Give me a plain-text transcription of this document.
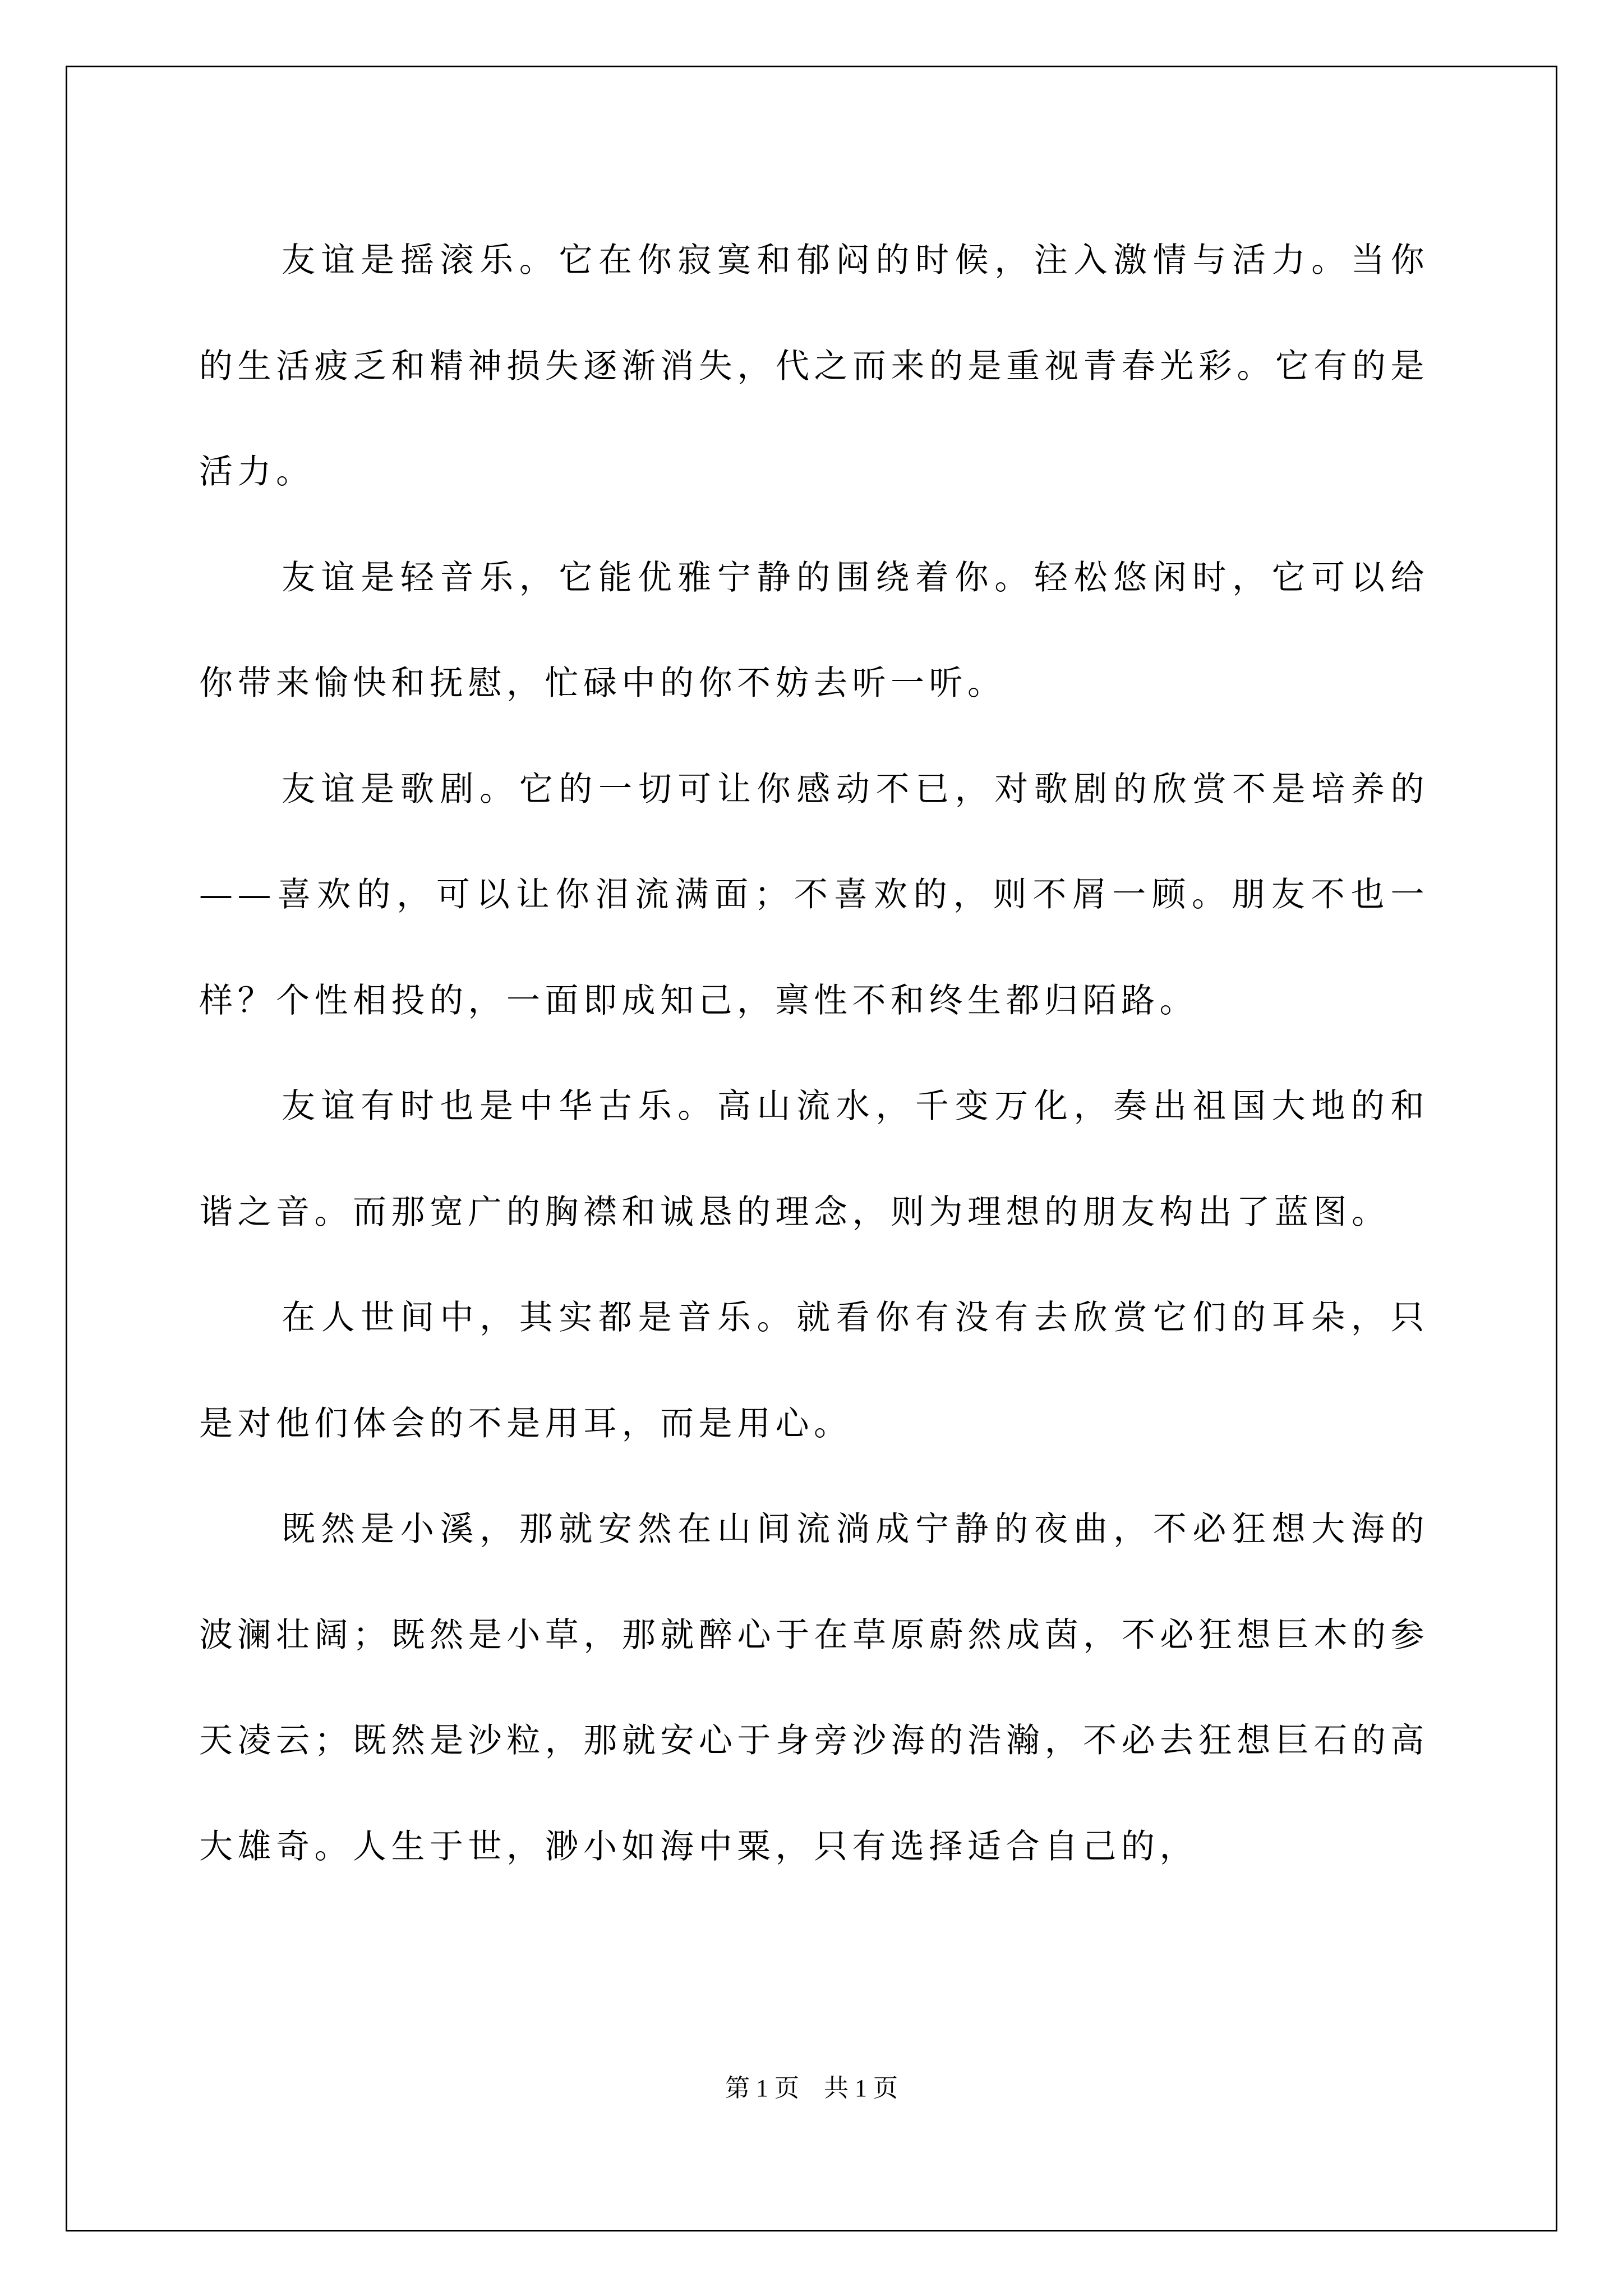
友谊是摇滚乐。它在你寂寞和郁闷的时候，注入激情与活力。当你的生活疲乏和精神损失逐渐消失，代之而来的是重视青春光彩。它有的是活力。

友谊是轻音乐，它能优雅宁静的围绕着你。轻松悠闲时，它可以给你带来愉快和抚慰，忙碌中的你不妨去听一听。

友谊是歌剧。它的一切可让你感动不已，对歌剧的欣赏不是培养的——喜欢的，可以让你泪流满面；不喜欢的，则不屑一顾。朋友不也一样？个性相投的，一面即成知己，禀性不和终生都归陌路。

友谊有时也是中华古乐。高山流水，千变万化，奏出祖国大地的和谐之音。而那宽广的胸襟和诚恳的理念，则为理想的朋友构出了蓝图。

在人世间中，其实都是音乐。就看你有没有去欣赏它们的耳朵，只是对他们体会的不是用耳，而是用心。

既然是小溪，那就安然在山间流淌成宁静的夜曲，不必狂想大海的波澜壮阔；既然是小草，那就醉心于在草原蔚然成茵，不必狂想巨木的参天凌云；既然是沙粒，那就安心于身旁沙海的浩瀚，不必去狂想巨石的高大雄奇。人生于世，渺小如海中粟，只有选择适合自己的，

第 1 页    共 1 页
